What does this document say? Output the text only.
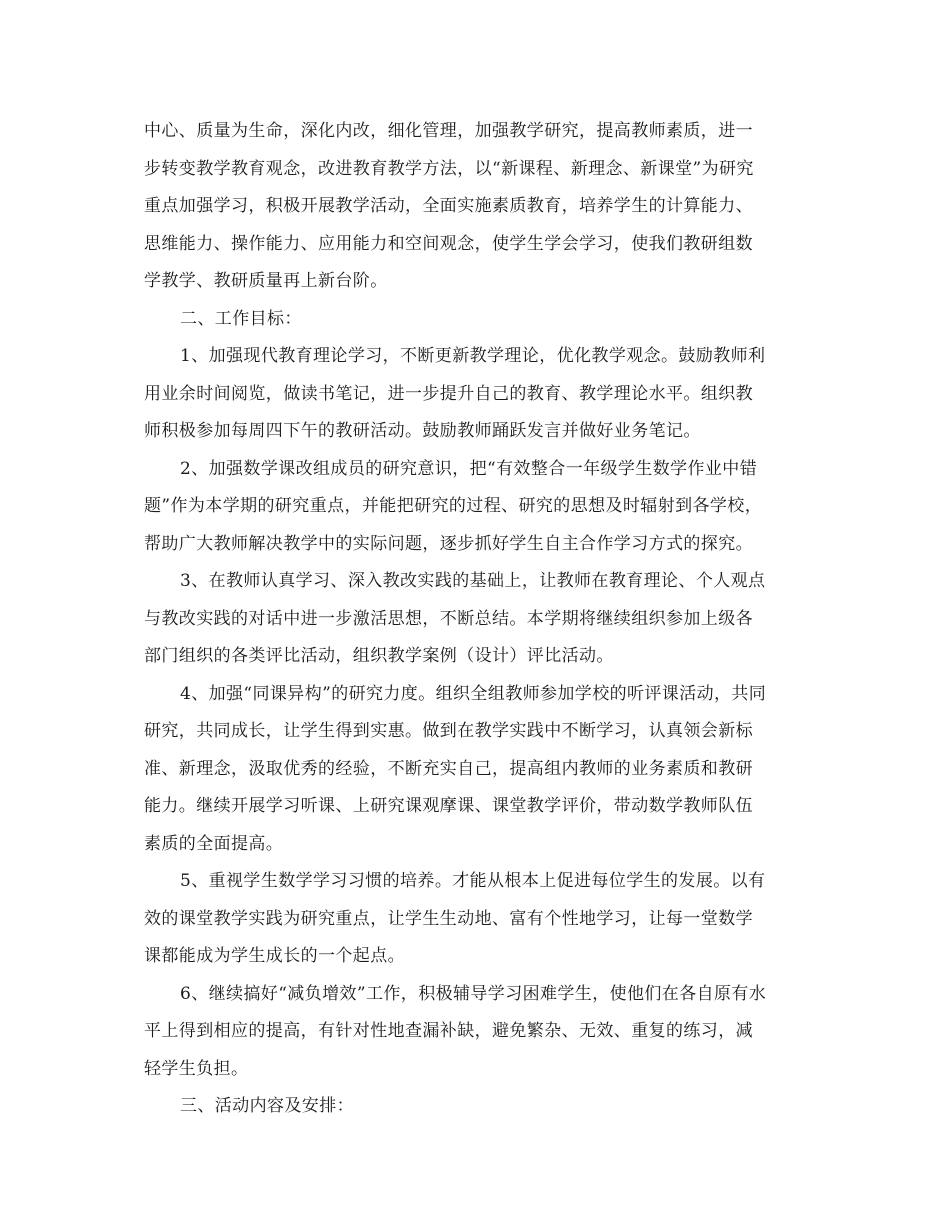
中心、质量为生命，深化内改，细化管理，加强教学研究，提高教师素质，进一
步转变教学教育观念，改进教育教学方法，以“新课程、新理念、新课堂”为研究
重点加强学习，积极开展教学活动，全面实施素质教育，培养学生的计算能力、
思维能力、操作能力、应用能力和空间观念，使学生学会学习，使我们教研组数
学教学、教研质量再上新台阶。
二、工作目标：
1、加强现代教育理论学习，不断更新教学理论，优化教学观念。鼓励教师利
用业余时间阅览，做读书笔记，进一步提升自己的教育、教学理论水平。组织教
师积极参加每周四下午的教研活动。鼓励教师踊跃发言并做好业务笔记。
2、加强数学课改组成员的研究意识，把“有效整合一年级学生数学作业中错
题”作为本学期的研究重点，并能把研究的过程、研究的思想及时辐射到各学校，
帮助广大教师解决教学中的实际问题，逐步抓好学生自主合作学习方式的探究。
3、在教师认真学习、深入教改实践的基础上，让教师在教育理论、个人观点
与教改实践的对话中进一步激活思想，不断总结。本学期将继续组织参加上级各
部门组织的各类评比活动，组织教学案例（设计）评比活动。
4、加强“同课异构”的研究力度。组织全组教师参加学校的听评课活动，共同
研究，共同成长，让学生得到实惠。做到在教学实践中不断学习，认真领会新标
准、新理念，汲取优秀的经验，不断充实自己，提高组内教师的业务素质和教研
能力。继续开展学习听课、上研究课观摩课、课堂教学评价，带动数学教师队伍
素质的全面提高。
5、重视学生数学学习习惯的培养。才能从根本上促进每位学生的发展。以有
效的课堂教学实践为研究重点，让学生生动地、富有个性地学习，让每一堂数学
课都能成为学生成长的一个起点。
6、继续搞好“减负增效”工作，积极辅导学习困难学生，使他们在各自原有水
平上得到相应的提高，有针对性地查漏补缺，避免繁杂、无效、重复的练习，减
轻学生负担。
三、活动内容及安排：
